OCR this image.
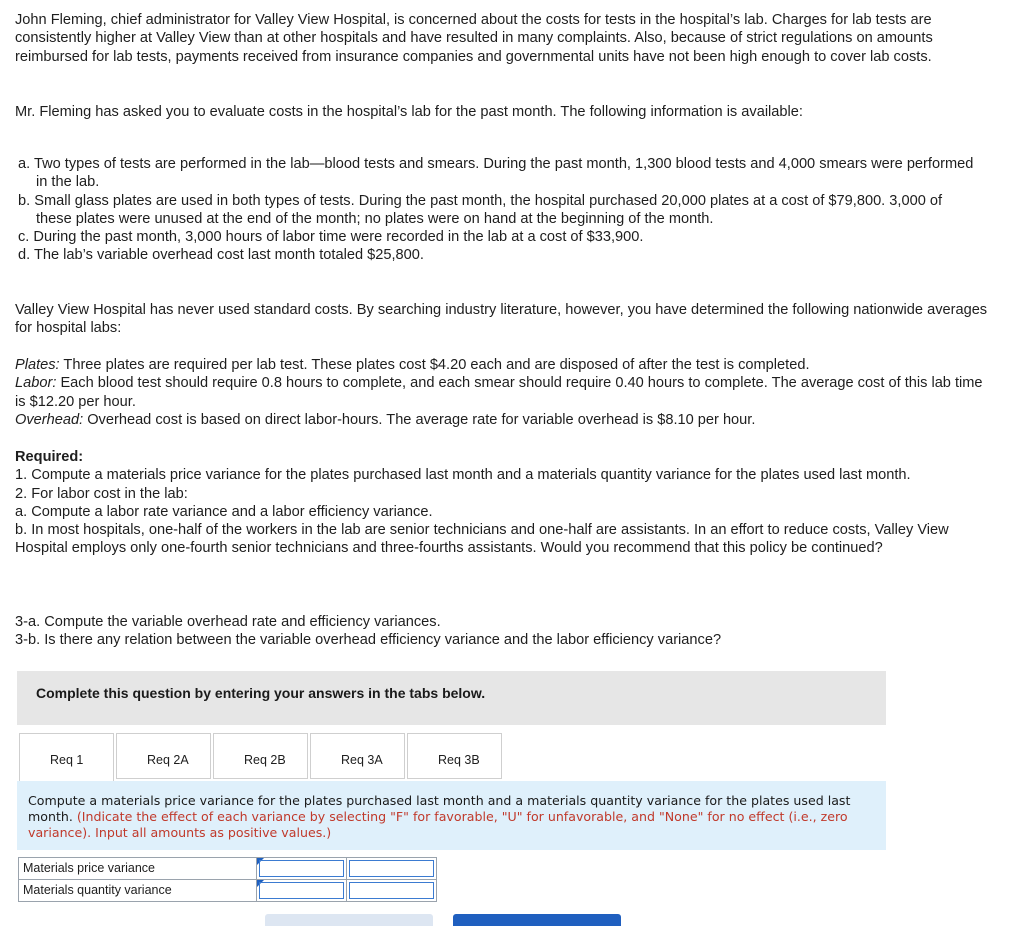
John Fleming, chief administrator for Valley View Hospital, is concerned about the costs for tests in the hospital’s lab. Charges for lab tests are consistently higher at Valley View than at other hospitals and have resulted in many complaints. Also, because of strict regulations on amounts reimbursed for lab tests, payments received from insurance companies and governmental units have not been high enough to cover lab costs.

Mr. Fleming has asked you to evaluate costs in the hospital’s lab for the past month. The following information is available:

a. Two types of tests are performed in the lab—blood tests and smears. During the past month, 1,300 blood tests and 4,000 smears were performed in the lab.
b. Small glass plates are used in both types of tests. During the past month, the hospital purchased 20,000 plates at a cost of $79,800. 3,000 of these plates were unused at the end of the month; no plates were on hand at the beginning of the month.
c. During the past month, 3,000 hours of labor time were recorded in the lab at a cost of $33,900.
d. The lab’s variable overhead cost last month totaled $25,800.

Valley View Hospital has never used standard costs. By searching industry literature, however, you have determined the following nationwide averages for hospital labs:

Plates: Three plates are required per lab test. These plates cost $4.20 each and are disposed of after the test is completed.
Labor: Each blood test should require 0.8 hours to complete, and each smear should require 0.40 hours to complete. The average cost of this lab time is $12.20 per hour.
Overhead: Overhead cost is based on direct labor-hours. The average rate for variable overhead is $8.10 per hour.
Required:
1. Compute a materials price variance for the plates purchased last month and a materials quantity variance for the plates used last month.
2. For labor cost in the lab:
a. Compute a labor rate variance and a labor efficiency variance.
b. In most hospitals, one-half of the workers in the lab are senior technicians and one-half are assistants. In an effort to reduce costs, Valley View Hospital employs only one-fourth senior technicians and three-fourths assistants. Would you recommend that this policy be continued?
3-a. Compute the variable overhead rate and efficiency variances.
3-b. Is there any relation between the variable overhead efficiency variance and the labor efficiency variance?
Complete this question by entering your answers in the tabs below.
Req 1	Req 2A	Req 2B	Req 3A	Req 3B
Compute a materials price variance for the plates purchased last month and a materials quantity variance for the plates used last month. (Indicate the effect of each variance by selecting "F" for favorable, "U" for unfavorable, and "None" for no effect (i.e., zero variance). Input all amounts as positive values.)
Materials price variance	

Materials quantity variance	
